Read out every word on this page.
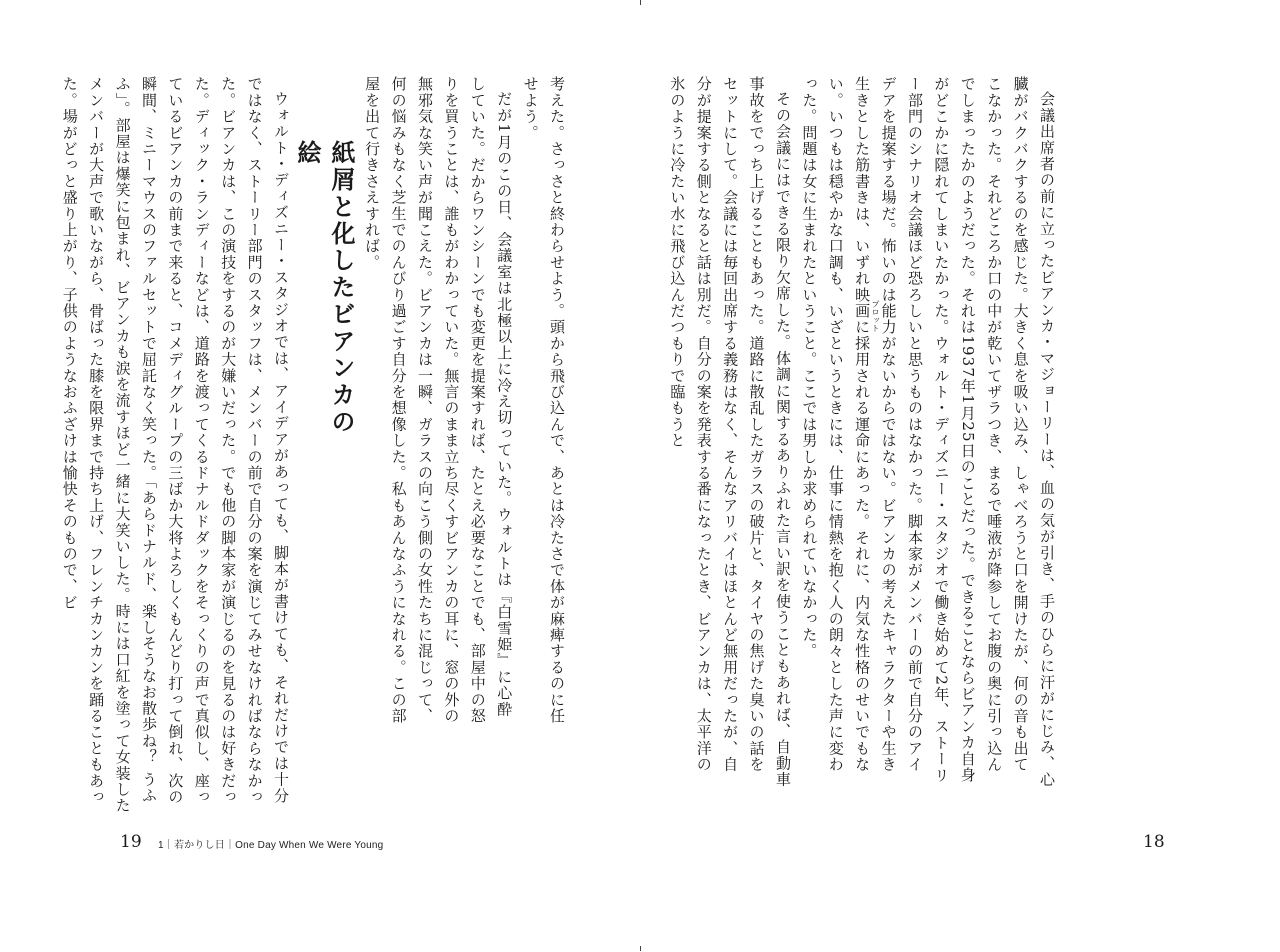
考えた。さっさと終わらせよう。頭から飛び込んで、あとは冷たさで体が麻痺するのに任せよう。

だが1月のこの日、会議室は北極以上に冷え切っていた。ウォルトは『白雪姫』に心酔していた。だからワンシーンでも変更を提案すれば、たとえ必要なことでも、部屋中の怒りを買うことは、誰もがわかっていた。無言のまま立ち尽くすビアンカの耳に、窓の外の無邪気な笑い声が聞こえた。ビアンカは一瞬、ガラスの向こう側の女性たちに混じって、何の悩みもなく芝生でのんびり過ごす自分を想像した。私もあんなふうになれる。この部屋を出て行きさえすれば。

紙屑と化したビアンカの絵

ウォルト・ディズニー・スタジオでは、アイデアがあっても、脚本が書けても、それだけでは十分ではなく、ストーリー部門のスタッフは、メンバーの前で自分の案を演じてみせなければならなかった。ビアンカは、この演技をするのが大嫌いだった。でも他の脚本家が演じるのを見るのは好きだった。ディック・ランディーなどは、道路を渡ってくるドナルドダックをそっくりの声で真似し、座っているビアンカの前まで来ると、コメディグループの三ばか大将よろしくもんどり打って倒れ、次の瞬間、ミニーマウスのファルセットで屈託なく笑った。「あらドナルド、楽しそうなお散歩ね？ うふふ」。部屋は爆笑に包まれ、ビアンカも涙を流すほど一緒に大笑いした。時には口紅を塗って女装したメンバーが大声で歌いながら、骨ばった膝を限界まで持ち上げ、フレンチカンカンを踊ることもあった。場がどっと盛り上がり、子供のようなおふざけは愉快そのもので、ビ

19 1｜若かりし日｜One Day When We Were Young

会議出席者の前に立ったビアンカ・マジョーリーは、血の気が引き、手のひらに汗がにじみ、心臓がバクバクするのを感じた。大きく息を吸い込み、しゃべろうと口を開けたが、何の音も出てこなかった。それどころか口の中が乾いてザラつき、まるで唾液が降参してお腹の奥に引っ込んでしまったかのようだった。それは1937年1月25日のことだった。できることならビアンカ自身がどこかに隠れてしまいたかった。ウォルト・ディズニー・スタジオで働き始めて2年、ストーリー部門のシナリオ会議ほど恐ろしいと思うものはなかった。脚本家がメンバーの前で自分のアイデアを提案する場だ。怖いのは能力がないからではない。ビアンカの考えたキャラクターや生き生きとした筋書きは、いずれ映画に採用される運命にあった。それに、内気な性格のせいでもない。いつもは穏やかな口調も、いざというときには、仕事に情熱を抱く人の朗々とした声に変わった。問題は女に生まれたということ。ここでは男しか求められていなかった。

その会議にはできる限り欠席した。体調に関するありふれた言い訳を使うこともあれば、自動車事故をでっち上げることもあった。道路に散乱したガラスの破片と、タイヤの焦げた臭いの話をセットにして。会議には毎回出席する義務はなく、そんなアリバイはほとんど無用だったが、自分が提案する側となると話は別だ。自分の案を発表する番になったとき、ビアンカは、太平洋の氷のように冷たい水に飛び込んだつもりで臨もうと	プロット
18
